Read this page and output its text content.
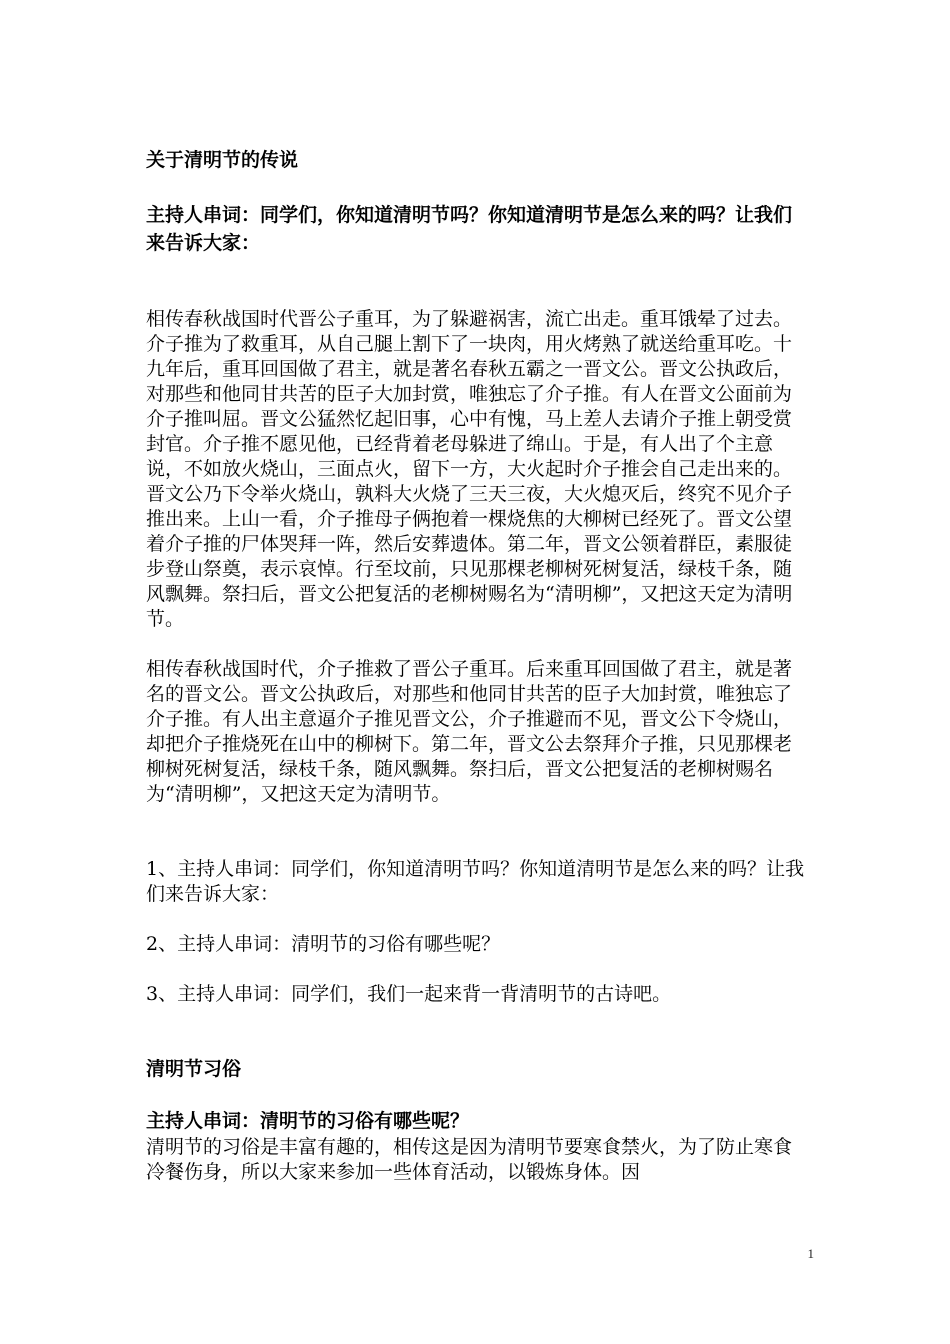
关于清明节的传说

主持人串词：同学们，你知道清明节吗？你知道清明节是怎么来的吗？让我们来告诉大家：

相传春秋战国时代晋公子重耳，为了躲避祸害，流亡出走。重耳饿晕了过去。介子推为了救重耳，从自己腿上割下了一块肉，用火烤熟了就送给重耳吃。十九年后，重耳回国做了君主，就是著名春秋五霸之一晋文公。晋文公执政后，对那些和他同甘共苦的臣子大加封赏，唯独忘了介子推。有人在晋文公面前为介子推叫屈。晋文公猛然忆起旧事，心中有愧，马上差人去请介子推上朝受赏封官。介子推不愿见他，已经背着老母躲进了绵山。于是，有人出了个主意说，不如放火烧山，三面点火，留下一方，大火起时介子推会自己走出来的。晋文公乃下令举火烧山，孰料大火烧了三天三夜，大火熄灭后，终究不见介子推出来。上山一看，介子推母子俩抱着一棵烧焦的大柳树已经死了。晋文公望着介子推的尸体哭拜一阵，然后安葬遗体。第二年，晋文公领着群臣，素服徒步登山祭奠，表示哀悼。行至坟前，只见那棵老柳树死树复活，绿枝千条，随风飘舞。祭扫后，晋文公把复活的老柳树赐名为“清明柳”，又把这天定为清明节。

相传春秋战国时代，介子推救了晋公子重耳。后来重耳回国做了君主，就是著名的晋文公。晋文公执政后，对那些和他同甘共苦的臣子大加封赏，唯独忘了介子推。有人出主意逼介子推见晋文公，介子推避而不见，晋文公下令烧山，却把介子推烧死在山中的柳树下。第二年，晋文公去祭拜介子推，只见那棵老柳树死树复活，绿枝千条，随风飘舞。祭扫后，晋文公把复活的老柳树赐名为“清明柳”，又把这天定为清明节。

1、主持人串词：同学们，你知道清明节吗？你知道清明节是怎么来的吗？让我们来告诉大家：

2、主持人串词：清明节的习俗有哪些呢？

3、主持人串词：同学们，我们一起来背一背清明节的古诗吧。

清明节习俗

主持人串词：清明节的习俗有哪些呢？

清明节的习俗是丰富有趣的，相传这是因为清明节要寒食禁火，为了防止寒食冷餐伤身，所以大家来参加一些体育活动，以锻炼身体。因

1
